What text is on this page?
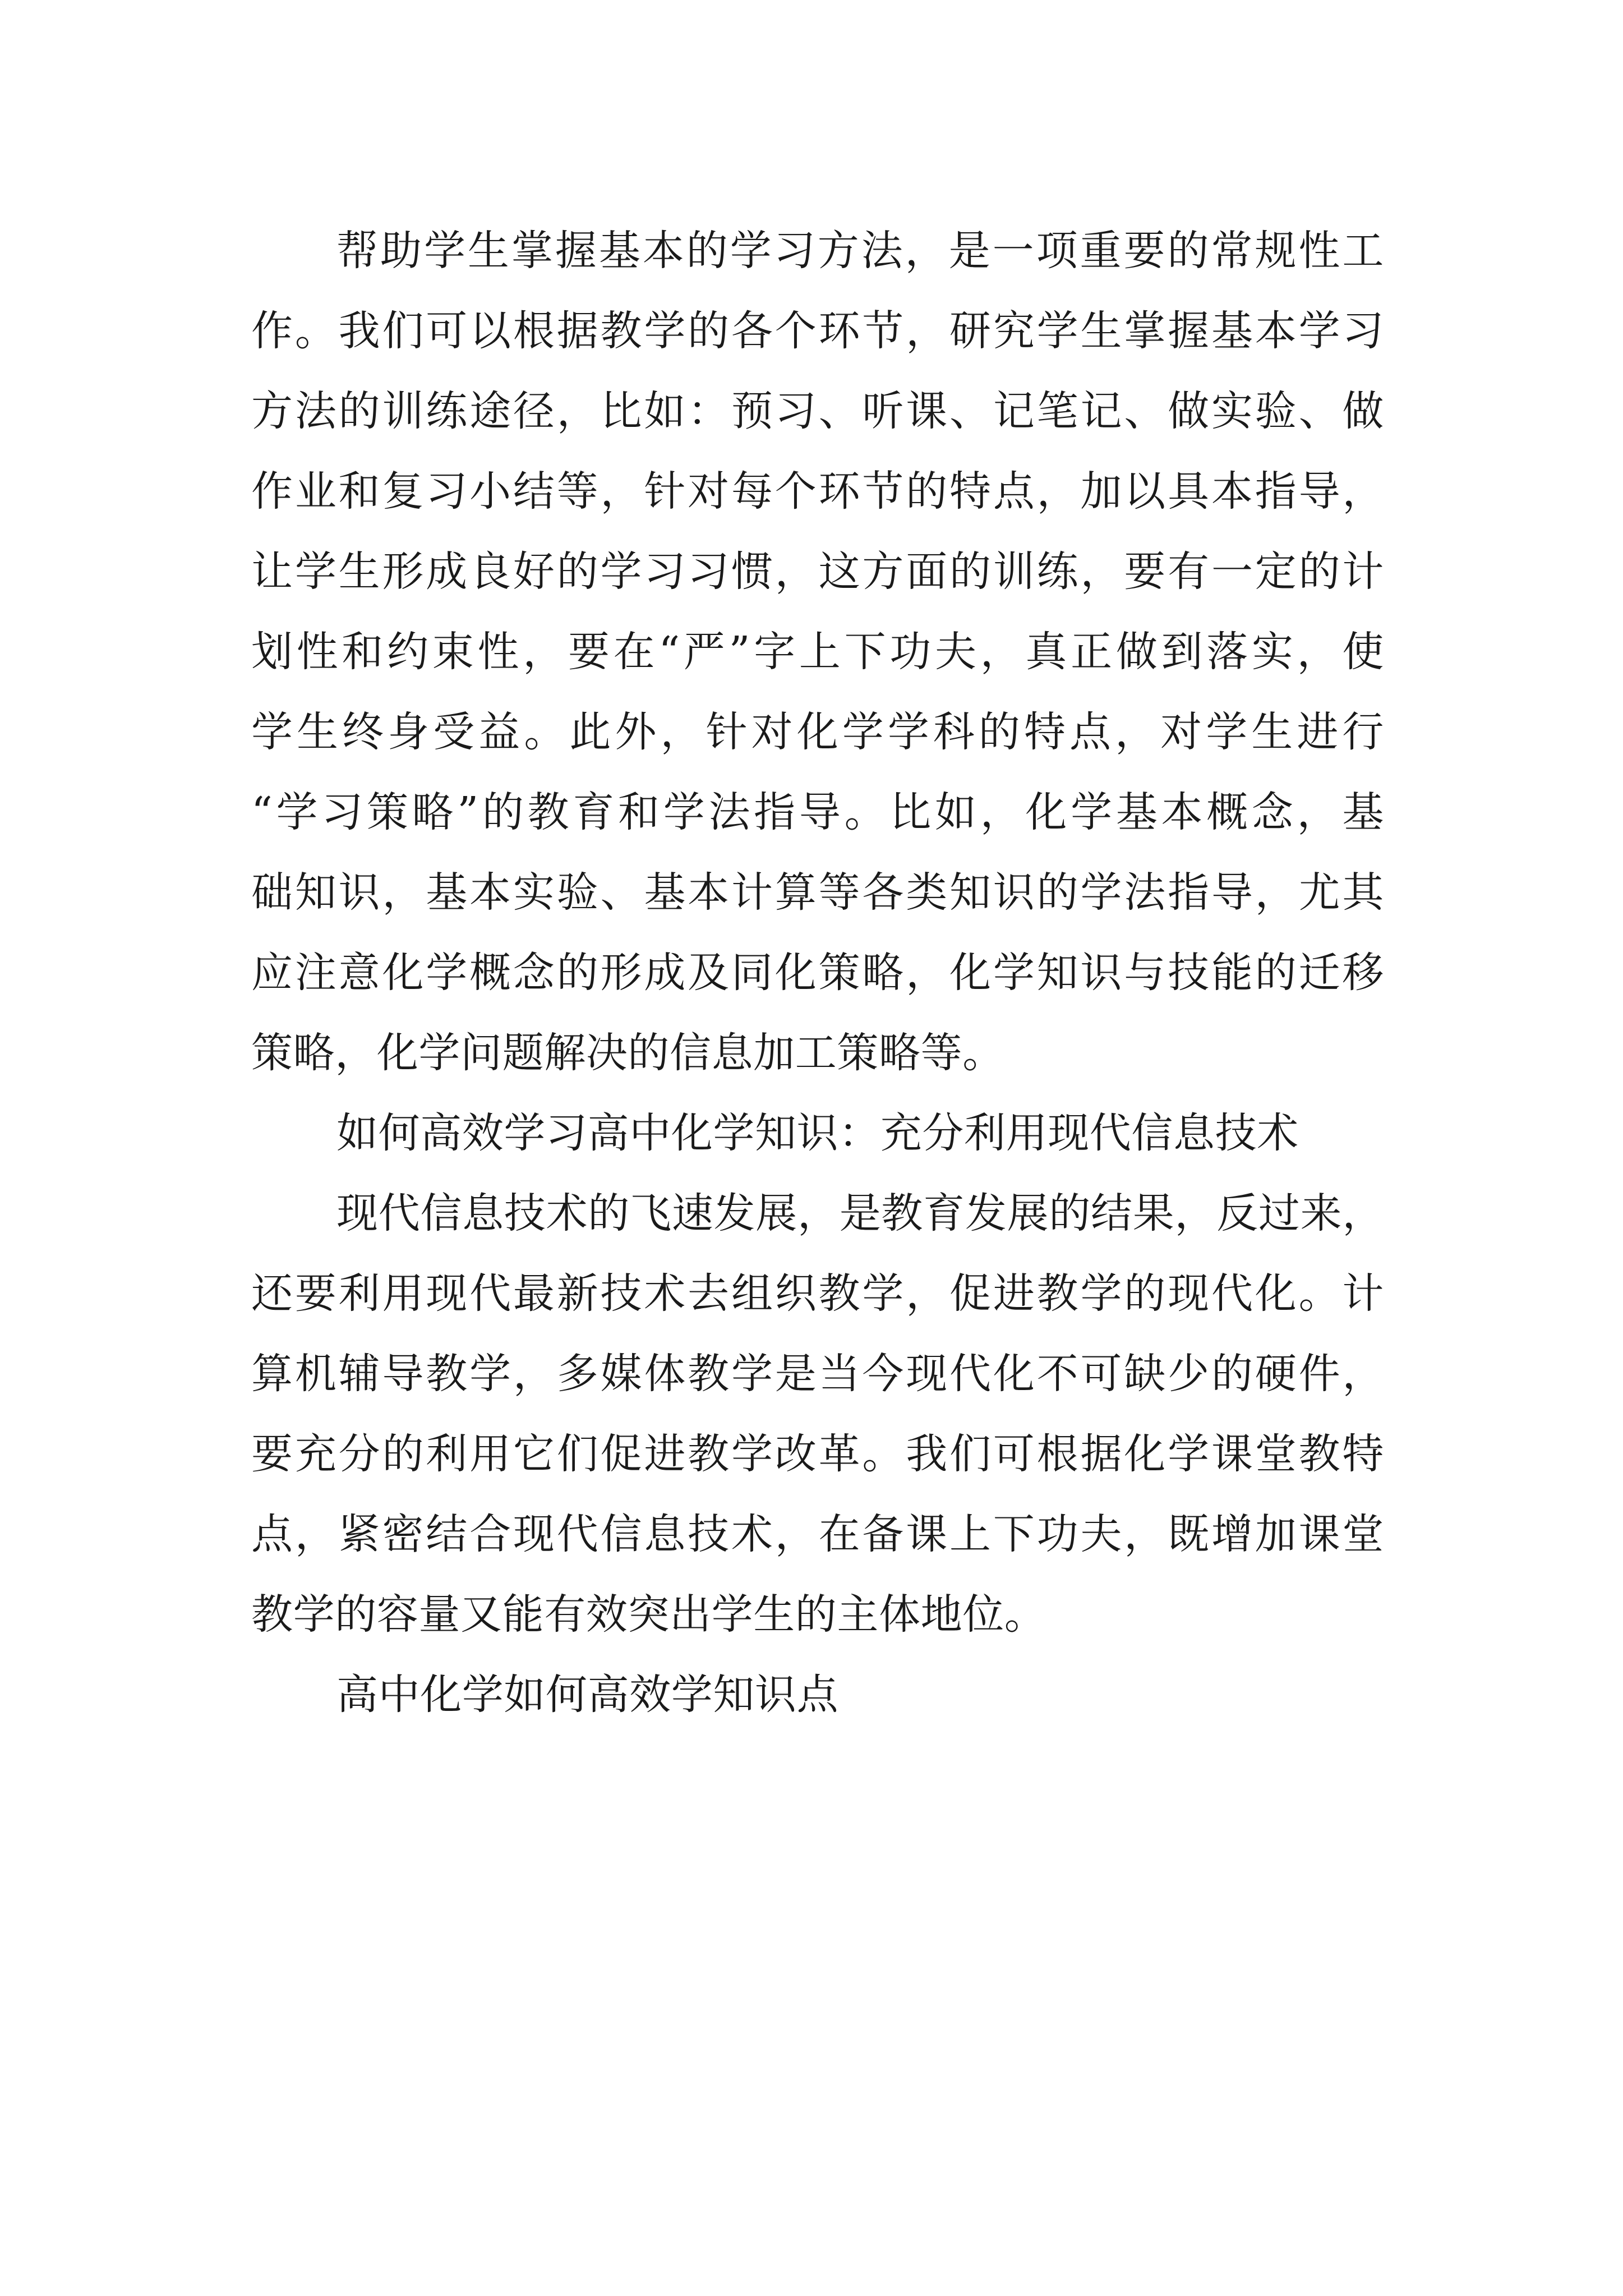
帮助学生掌握基本的学习方法，是一项重要的常规性工
作。我们可以根据教学的各个环节，研究学生掌握基本学习
方法的训练途径，比如：预习、听课、记笔记、做实验、做
作业和复习小结等，针对每个环节的特点，加以具本指导，
让学生形成良好的学习习惯，这方面的训练，要有一定的计
划性和约束性，要在“严”字上下功夫，真正做到落实，使
学生终身受益。此外，针对化学学科的特点，对学生进行
“学习策略”的教育和学法指导。比如，化学基本概念，基
础知识，基本实验、基本计算等各类知识的学法指导，尤其
应注意化学概念的形成及同化策略，化学知识与技能的迁移
策略，化学问题解决的信息加工策略等。
如何高效学习高中化学知识：充分利用现代信息技术
现代信息技术的飞速发展，是教育发展的结果，反过来，
还要利用现代最新技术去组织教学，促进教学的现代化。计
算机辅导教学，多媒体教学是当今现代化不可缺少的硬件，
要充分的利用它们促进教学改革。我们可根据化学课堂教特
点，紧密结合现代信息技术，在备课上下功夫，既增加课堂
教学的容量又能有效突出学生的主体地位。
高中化学如何高效学知识点
